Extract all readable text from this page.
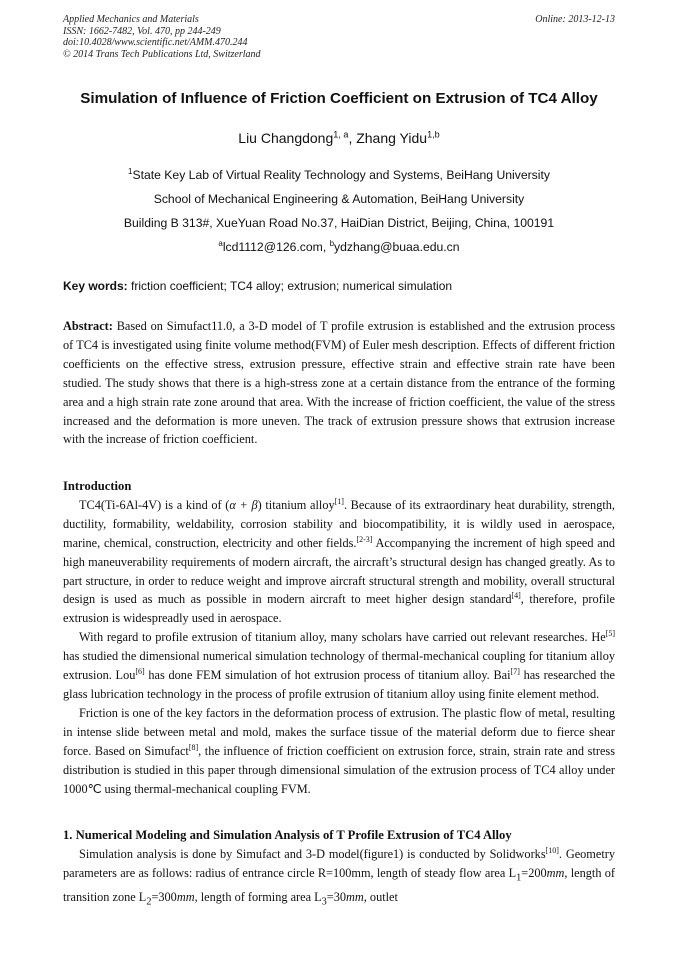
Applied Mechanics and Materials
ISSN: 1662-7482, Vol. 470, pp 244-249
doi:10.4028/www.scientific.net/AMM.470.244
© 2014 Trans Tech Publications Ltd, Switzerland
Online: 2013-12-13
Simulation of Influence of Friction Coefficient on Extrusion of TC4 Alloy
Liu Changdong$^{1, a}$, Zhang Yidu$^{1,b}$
$^1$State Key Lab of Virtual Reality Technology and Systems, BeiHang University
School of Mechanical Engineering & Automation, BeiHang University
Building B 313#, XueYuan Road No.37, HaiDian District, Beijing, China, 100191
$^a$lcd1112@126.com, $^b$ydzhang@buaa.edu.cn
Key words: friction coefficient; TC4 alloy; extrusion; numerical simulation

Abstract: Based on Simufact11.0, a 3-D model of T profile extrusion is established and the extrusion process of TC4 is investigated using finite volume method(FVM) of Euler mesh description. Effects of different friction coefficients on the effective stress, extrusion pressure, effective strain and effective strain rate have been studied. The study shows that there is a high-stress zone at a certain distance from the entrance of the forming area and a high strain rate zone around that area. With the increase of friction coefficient, the value of the stress increased and the deformation is more uneven. The track of extrusion pressure shows that extrusion increase with the increase of friction coefficient.

Introduction

TC4(Ti-6Al-4V) is a kind of (α + β) titanium alloy[1]. Because of its extraordinary heat durability, strength, ductility, formability, weldability, corrosion stability and biocompatibility, it is wildly used in aerospace, marine, chemical, construction, electricity and other fields.[2-3] Accompanying the increment of high speed and high maneuverability requirements of modern aircraft, the aircraft’s structural design has changed greatly. As to part structure, in order to reduce weight and improve aircraft structural strength and mobility, overall structural design is used as much as possible in modern aircraft to meet higher design standard[4], therefore, profile extrusion is widespreadly used in aerospace.

With regard to profile extrusion of titanium alloy, many scholars have carried out relevant researches. He[5] has studied the dimensional numerical simulation technology of thermal-mechanical coupling for titanium alloy extrusion. Lou[6] has done FEM simulation of hot extrusion process of titanium alloy. Bai[7] has researched the glass lubrication technology in the process of profile extrusion of titanium alloy using finite element method.

Friction is one of the key factors in the deformation process of extrusion. The plastic flow of metal, resulting in intense slide between metal and mold, makes the surface tissue of the material deform due to fierce shear force. Based on Simufact[8], the influence of friction coefficient on extrusion force, strain, strain rate and stress distribution is studied in this paper through dimensional simulation of the extrusion process of TC4 alloy under 1000℃ using thermal-mechanical coupling FVM.

1. Numerical Modeling and Simulation Analysis of T Profile Extrusion of TC4 Alloy

Simulation analysis is done by Simufact and 3-D model(figure1) is conducted by Solidworks[10]. Geometry parameters are as follows: radius of entrance circle R=100mm, length of steady flow area $L_1=200mm$, length of transition zone $L_2=300mm$, length of forming area $L_3=30mm$, outlet
